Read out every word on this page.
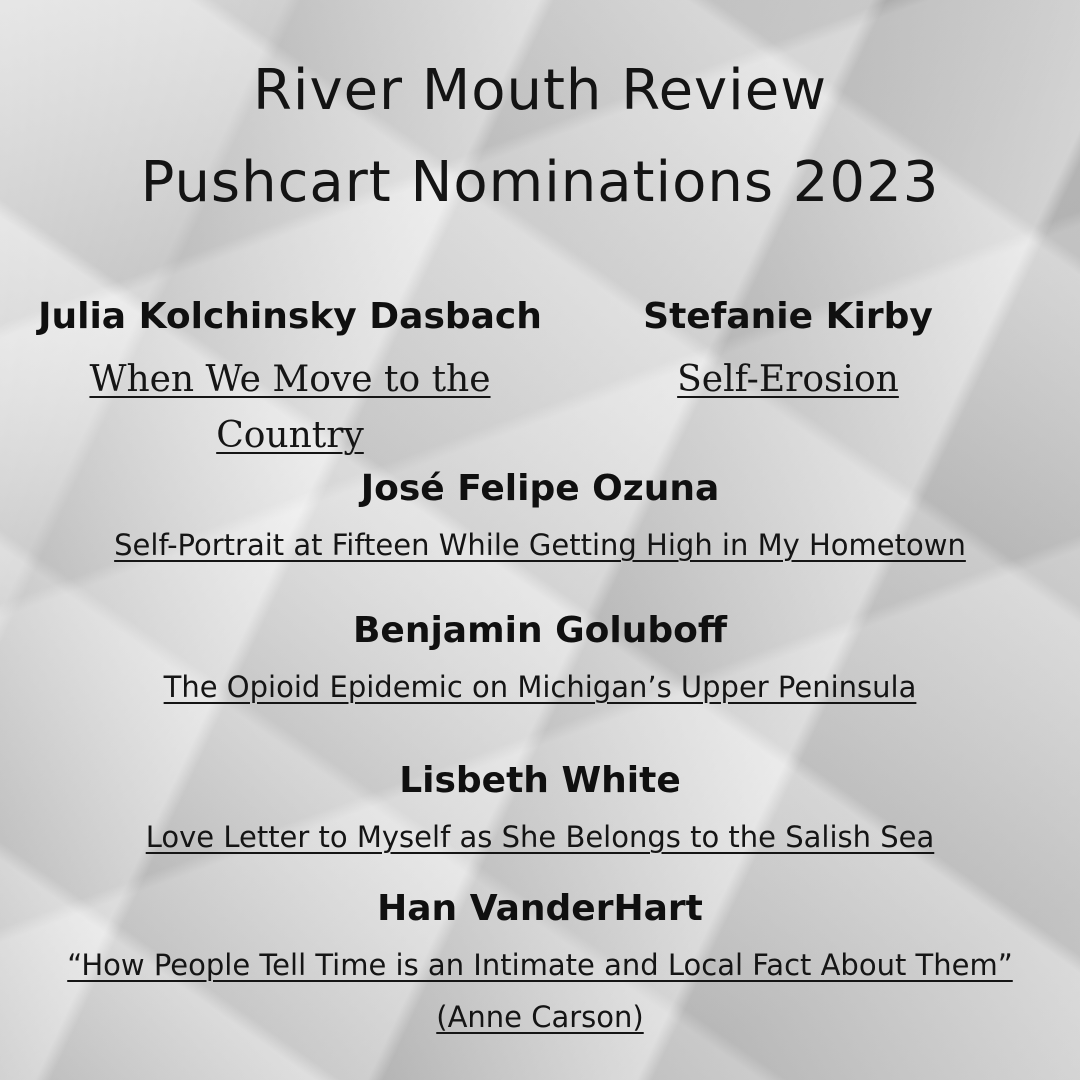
River Mouth Review
Pushcart Nominations 2023
Julia Kolchinsky Dasbach
When We Move to the Country
Stefanie Kirby
Self-Erosion
José Felipe Ozuna
Self-Portrait at Fifteen While Getting High in My Hometown
Benjamin Goluboff
The Opioid Epidemic on Michigan’s Upper Peninsula
Lisbeth White
Love Letter to Myself as She Belongs to the Salish Sea
Han VanderHart
“How People Tell Time is an Intimate and Local Fact About Them”
(Anne Carson)
